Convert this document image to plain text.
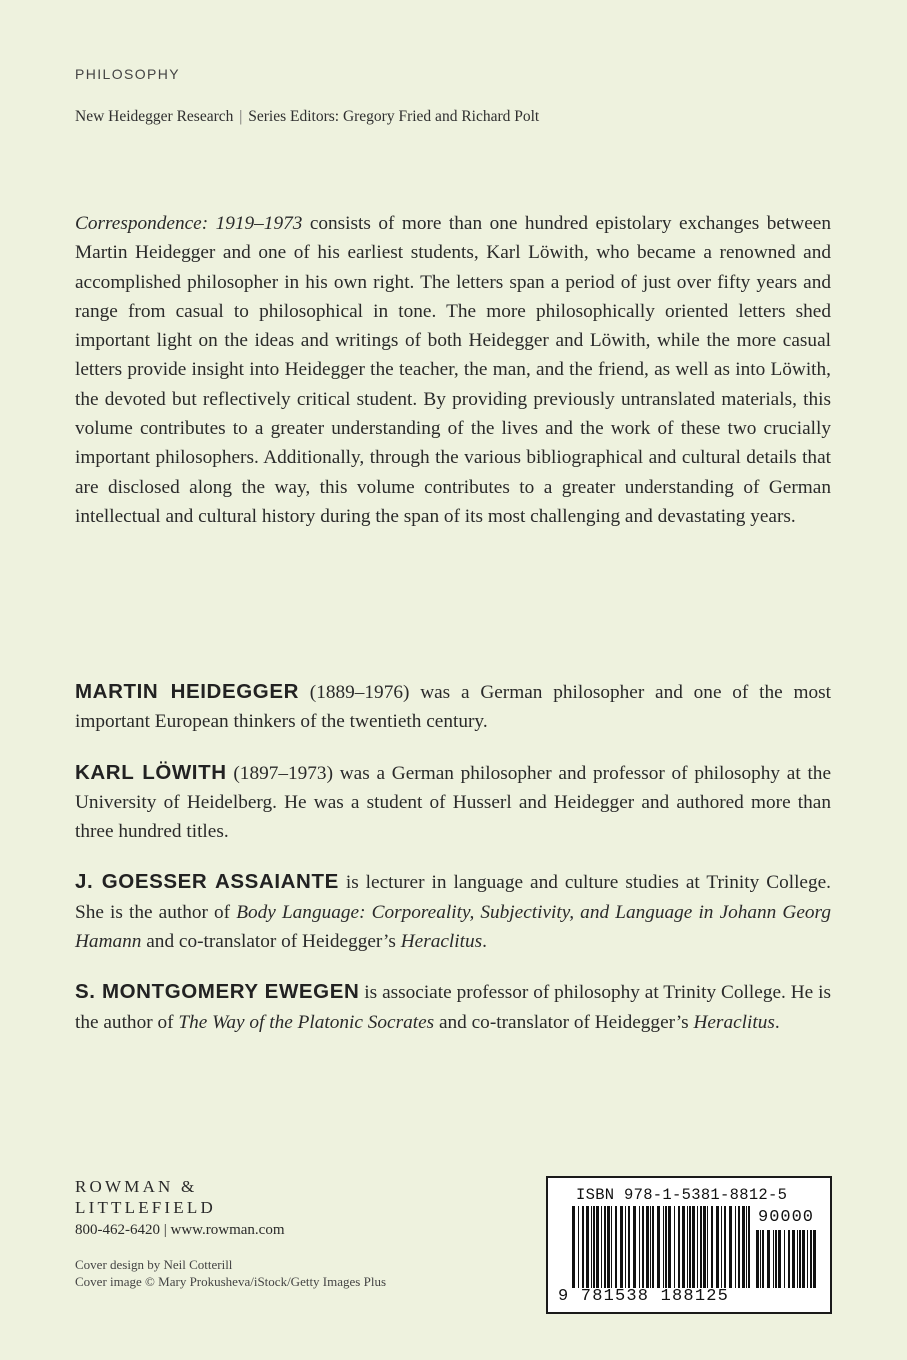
PHILOSOPHY
New Heidegger Research | Series Editors: Gregory Fried and Richard Polt
Correspondence: 1919–1973 consists of more than one hundred epistolary exchanges between Martin Heidegger and one of his earliest students, Karl Löwith, who became a renowned and accomplished philosopher in his own right. The letters span a period of just over fifty years and range from casual to philosophical in tone. The more philosophically oriented letters shed important light on the ideas and writings of both Heidegger and Löwith, while the more casual letters provide insight into Heidegger the teacher, the man, and the friend, as well as into Löwith, the devoted but reflectively critical student. By providing previously untranslated materials, this volume contributes to a greater understanding of the lives and the work of these two crucially important philosophers. Additionally, through the various bibliographical and cultural details that are disclosed along the way, this volume contributes to a greater understanding of German intellectual and cultural history during the span of its most challenging and devastating years.

MARTIN HEIDEGGER (1889–1976) was a German philosopher and one of the most important European thinkers of the twentieth century.

KARL LÖWITH (1897–1973) was a German philosopher and professor of philosophy at the University of Heidelberg. He was a student of Husserl and Heidegger and authored more than three hundred titles.

J. GOESSER ASSAIANTE is lecturer in language and culture studies at Trinity College. She is the author of Body Language: Corporeality, Subjectivity, and Language in Johann Georg Hamann and co-translator of Heidegger’s Heraclitus.

S. MONTGOMERY EWEGEN is associate professor of philosophy at Trinity College. He is the author of The Way of the Platonic Socrates and co-translator of Heidegger’s Heraclitus.

ROWMAN &
LITTLEFIELD
800-462-6420 | www.rowman.com
Cover design by Neil Cotterill
Cover image © Mary Prokusheva/iStock/Getty Images Plus
ISBN 978-1-5381-8812-5
90000
9 781538 188125
